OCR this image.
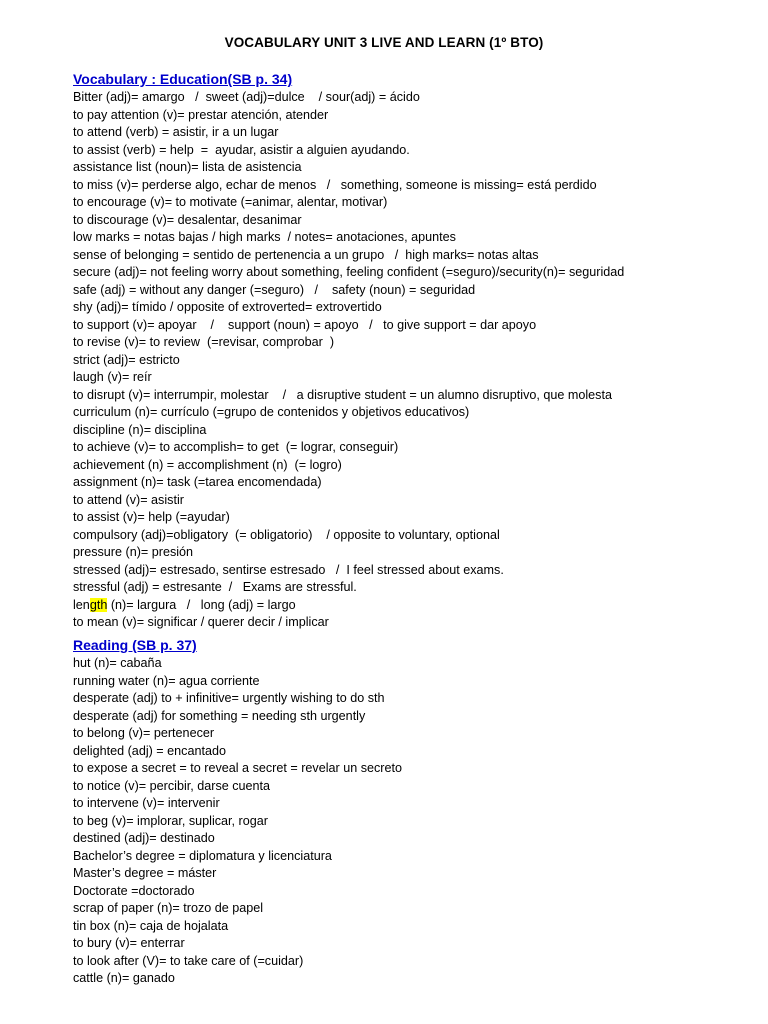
VOCABULARY UNIT 3 LIVE AND LEARN (1º BTO)
Vocabulary : Education(SB p. 34)
Bitter (adj)= amargo   /  sweet (adj)=dulce    / sour(adj) = ácido
to pay attention (v)= prestar atención, atender
to attend (verb) = asistir, ir a un lugar
to assist (verb) = help  =  ayudar, asistir a alguien ayudando.
assistance list (noun)= lista de asistencia
to miss (v)= perderse algo, echar de menos   /   something, someone is missing= está perdido
to encourage (v)= to motivate (=animar, alentar, motivar)
to discourage (v)= desalentar, desanimar
low marks = notas bajas / high marks  / notes= anotaciones, apuntes
sense of belonging = sentido de pertenencia a un grupo   /  high marks= notas altas
secure (adj)= not feeling worry about something, feeling confident (=seguro)/security(n)= seguridad
safe (adj) = without any danger (=seguro)   /    safety (noun) = seguridad
shy (adj)= tímido / opposite of extroverted= extrovertido
to support (v)= apoyar    /    support (noun) = apoyo   /   to give support = dar apoyo
to revise (v)= to review  (=revisar, comprobar  )
strict (adj)= estricto
laugh (v)= reír
to disrupt (v)= interrumpir, molestar    /   a disruptive student = un alumno disruptivo, que molesta
curriculum (n)= currículo (=grupo de contenidos y objetivos educativos)
discipline (n)= disciplina
to achieve (v)= to accomplish= to get  (= lograr, conseguir)
achievement (n) = accomplishment (n)  (= logro)
assignment (n)= task (=tarea encomendada)
to attend (v)= asistir
to assist (v)= help (=ayudar)
compulsory (adj)=obligatory  (= obligatorio)    / opposite to voluntary, optional
pressure (n)= presión
stressed (adj)= estresado, sentirse estresado   /  I feel stressed about exams.
stressful (adj) = estresante  /   Exams are stressful.
length (n)= largura   /   long (adj) = largo
to mean (v)= significar / querer decir / implicar
Reading (SB p. 37)
hut (n)= cabaña
running water (n)= agua corriente
desperate (adj) to + infinitive= urgently wishing to do sth
desperate (adj) for something = needing sth urgently
to belong (v)= pertenecer
delighted (adj) = encantado
to expose a secret = to reveal a secret = revelar un secreto
to notice (v)= percibir, darse cuenta
to intervene (v)= intervenir
to beg (v)= implorar, suplicar, rogar
destined (adj)= destinado
Bachelor’s degree = diplomatura y licenciatura
Master’s degree = máster
Doctorate =doctorado
scrap of paper (n)= trozo de papel
tin box (n)= caja de hojalata
to bury (v)= enterrar
to look after (V)= to take care of (=cuidar)
cattle (n)= ganado
